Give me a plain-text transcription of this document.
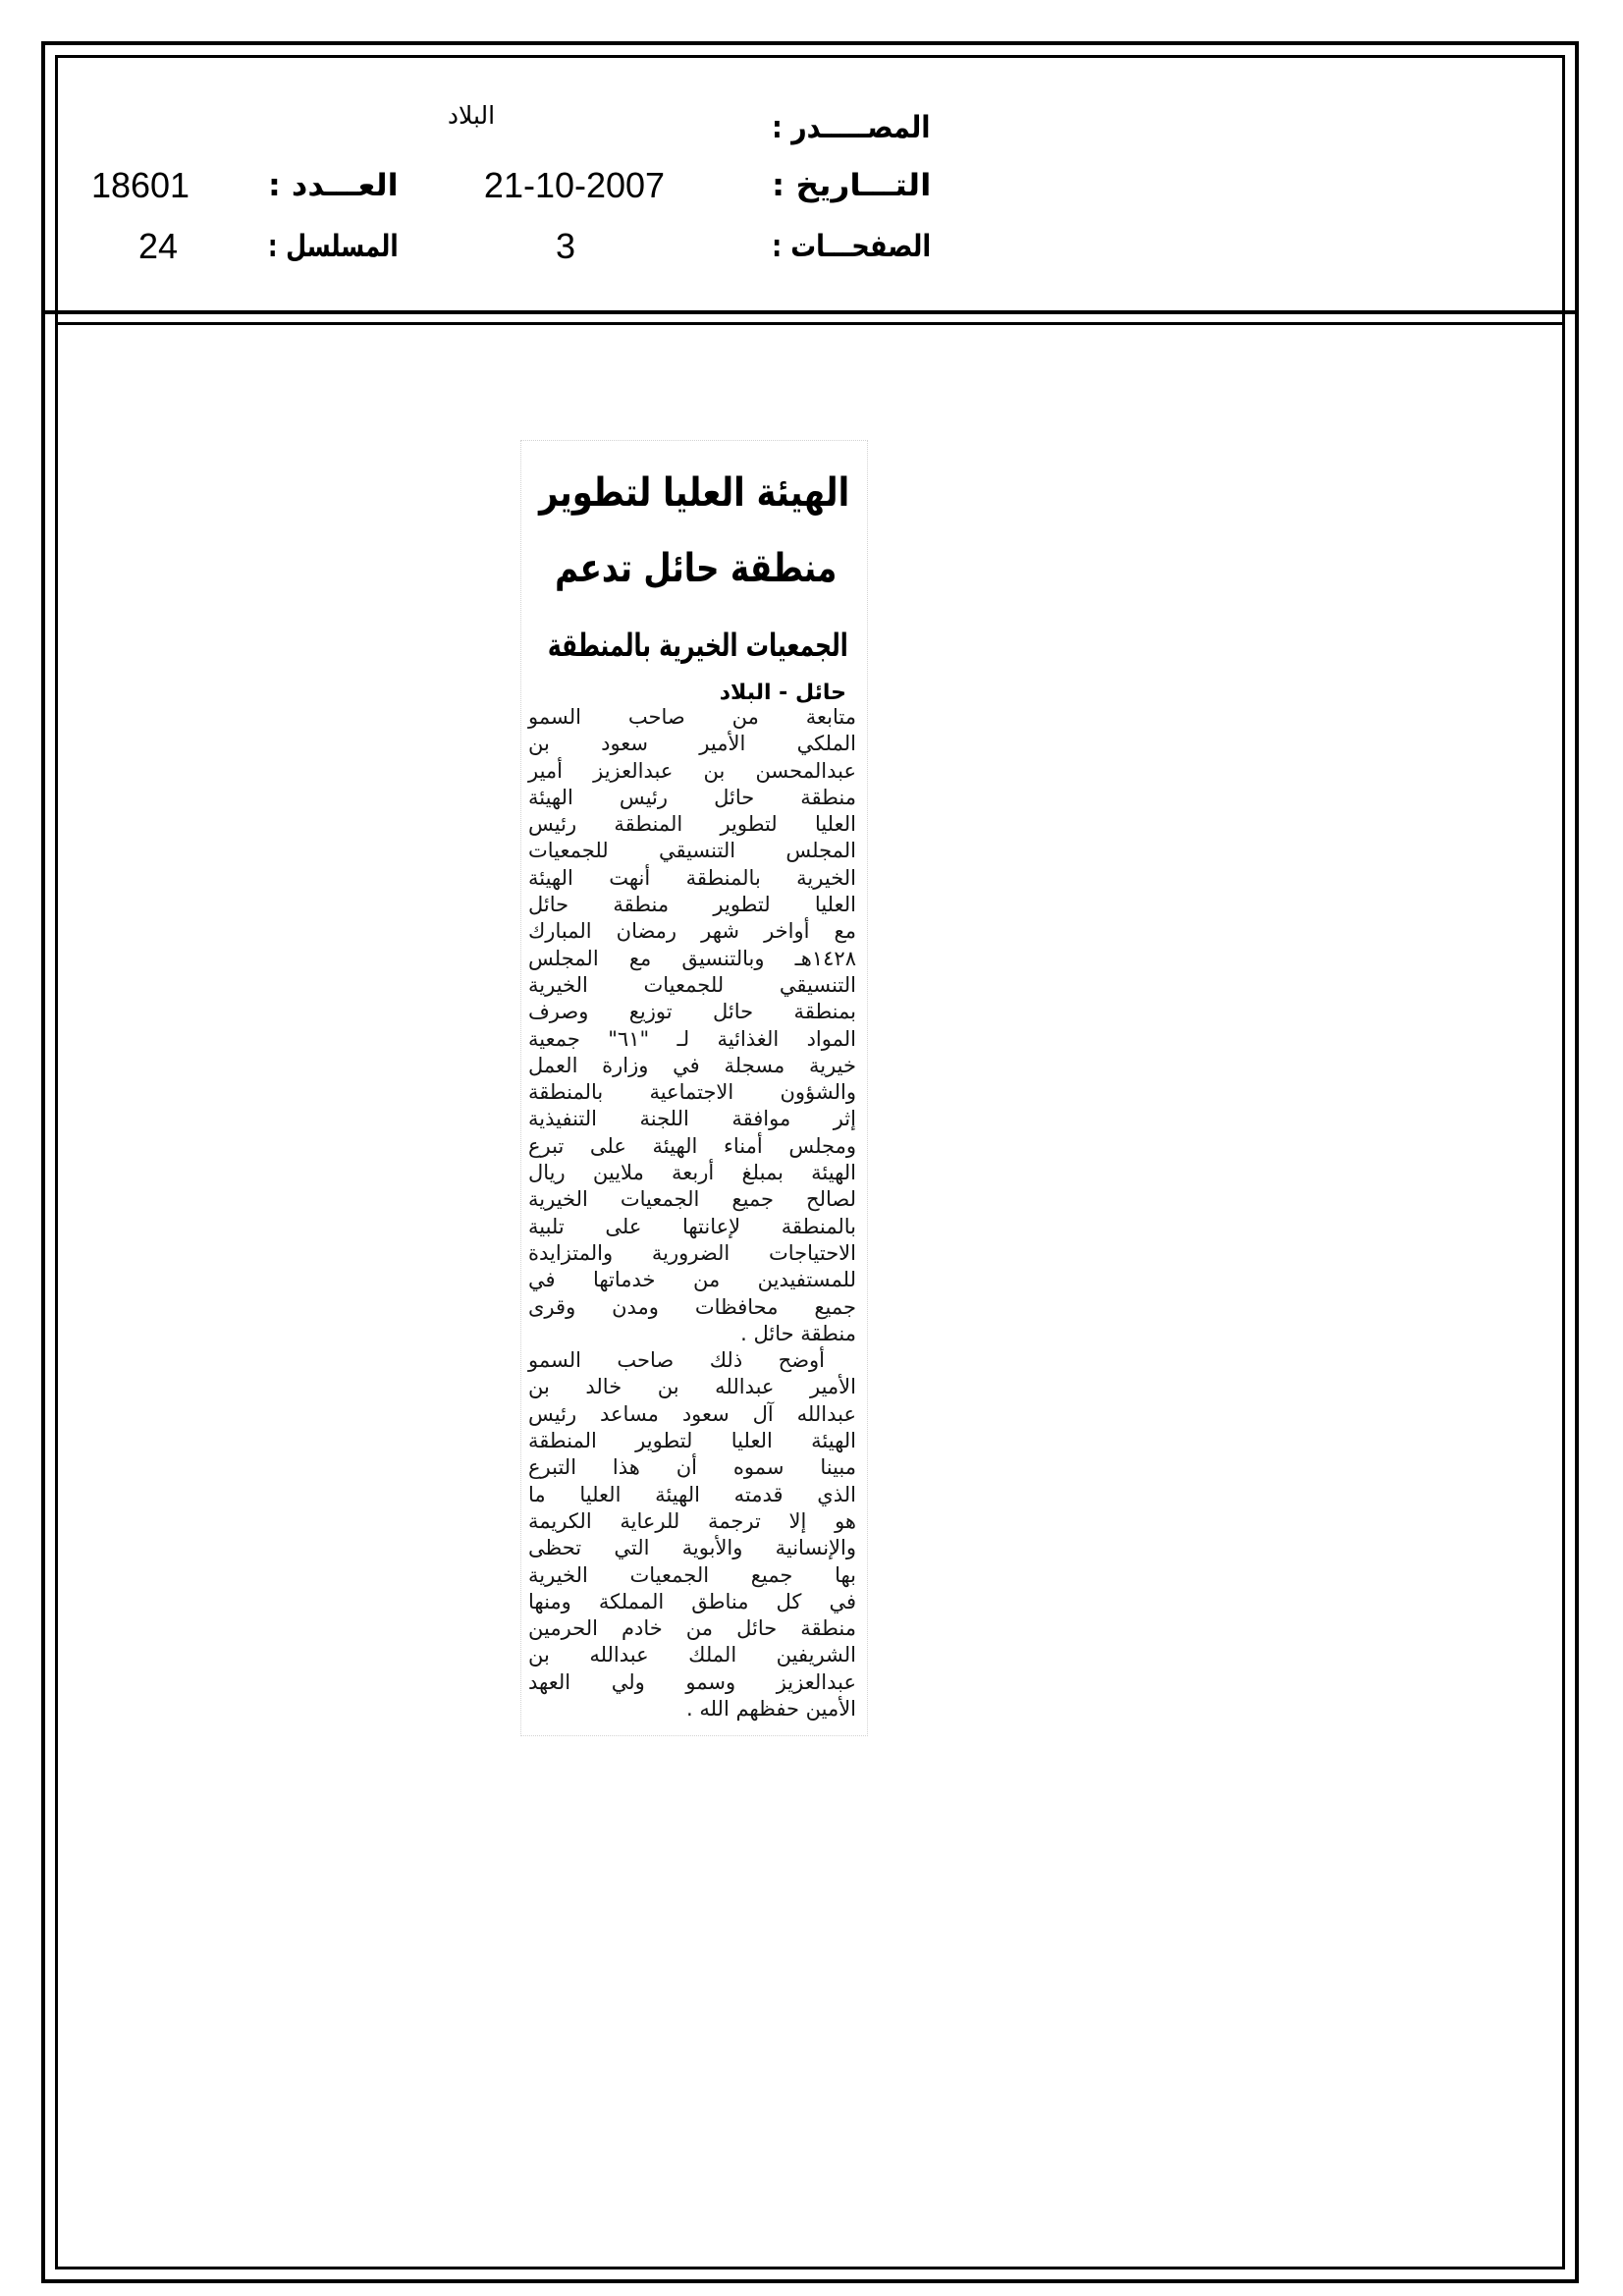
المصـــــدر :
البلاد
التـــاريخ :
21-10-2007
الصفحـــات :
3
العـــدد :
18601
المسلسل :
24
الهيئة العليا لتطوير
منطقة حائل تدعم
الجمعيات الخيرية بالمنطقة
حائل - البلاد
متابعة من صاحب السمو
الملكي الأمير سعود بن
عبدالمحسن بن عبدالعزيز أمير
منطقة حائل رئيس الهيئة
العليا لتطوير المنطقة رئيس
المجلس التنسيقي للجمعيات
الخيرية بالمنطقة أنهت الهيئة
العليا لتطوير منطقة حائل
مع أواخر شهر رمضان المبارك
١٤٢٨هـ وبالتنسيق مع المجلس
التنسيقي للجمعيات الخيرية
بمنطقة حائل توزيع وصرف
المواد الغذائية لـ "٦١" جمعية
خيرية مسجلة في وزارة العمل
والشؤون الاجتماعية بالمنطقة
إثر موافقة اللجنة التنفيذية
ومجلس أمناء الهيئة على تبرع
الهيئة بمبلغ أربعة ملايين ريال
لصالح جميع الجمعيات الخيرية
بالمنطقة لإعانتها على تلبية
الاحتياجات الضرورية والمتزايدة
للمستفيدين من خدماتها في
جميع محافظات ومدن وقرى
منطقة حائل .
أوضح ذلك صاحب السمو
الأمير عبدالله بن خالد بن
عبدالله آل سعود مساعد رئيس
الهيئة العليا لتطوير المنطقة
مبينا سموه أن هذا التبرع
الذي قدمته الهيئة العليا ما
هو إلا ترجمة للرعاية الكريمة
والإنسانية والأبوية التي تحظى
بها جميع الجمعيات الخيرية
في كل مناطق المملكة ومنها
منطقة حائل من خادم الحرمين
الشريفين الملك عبدالله بن
عبدالعزيز وسمو ولي العهد
الأمين حفظهم الله .
